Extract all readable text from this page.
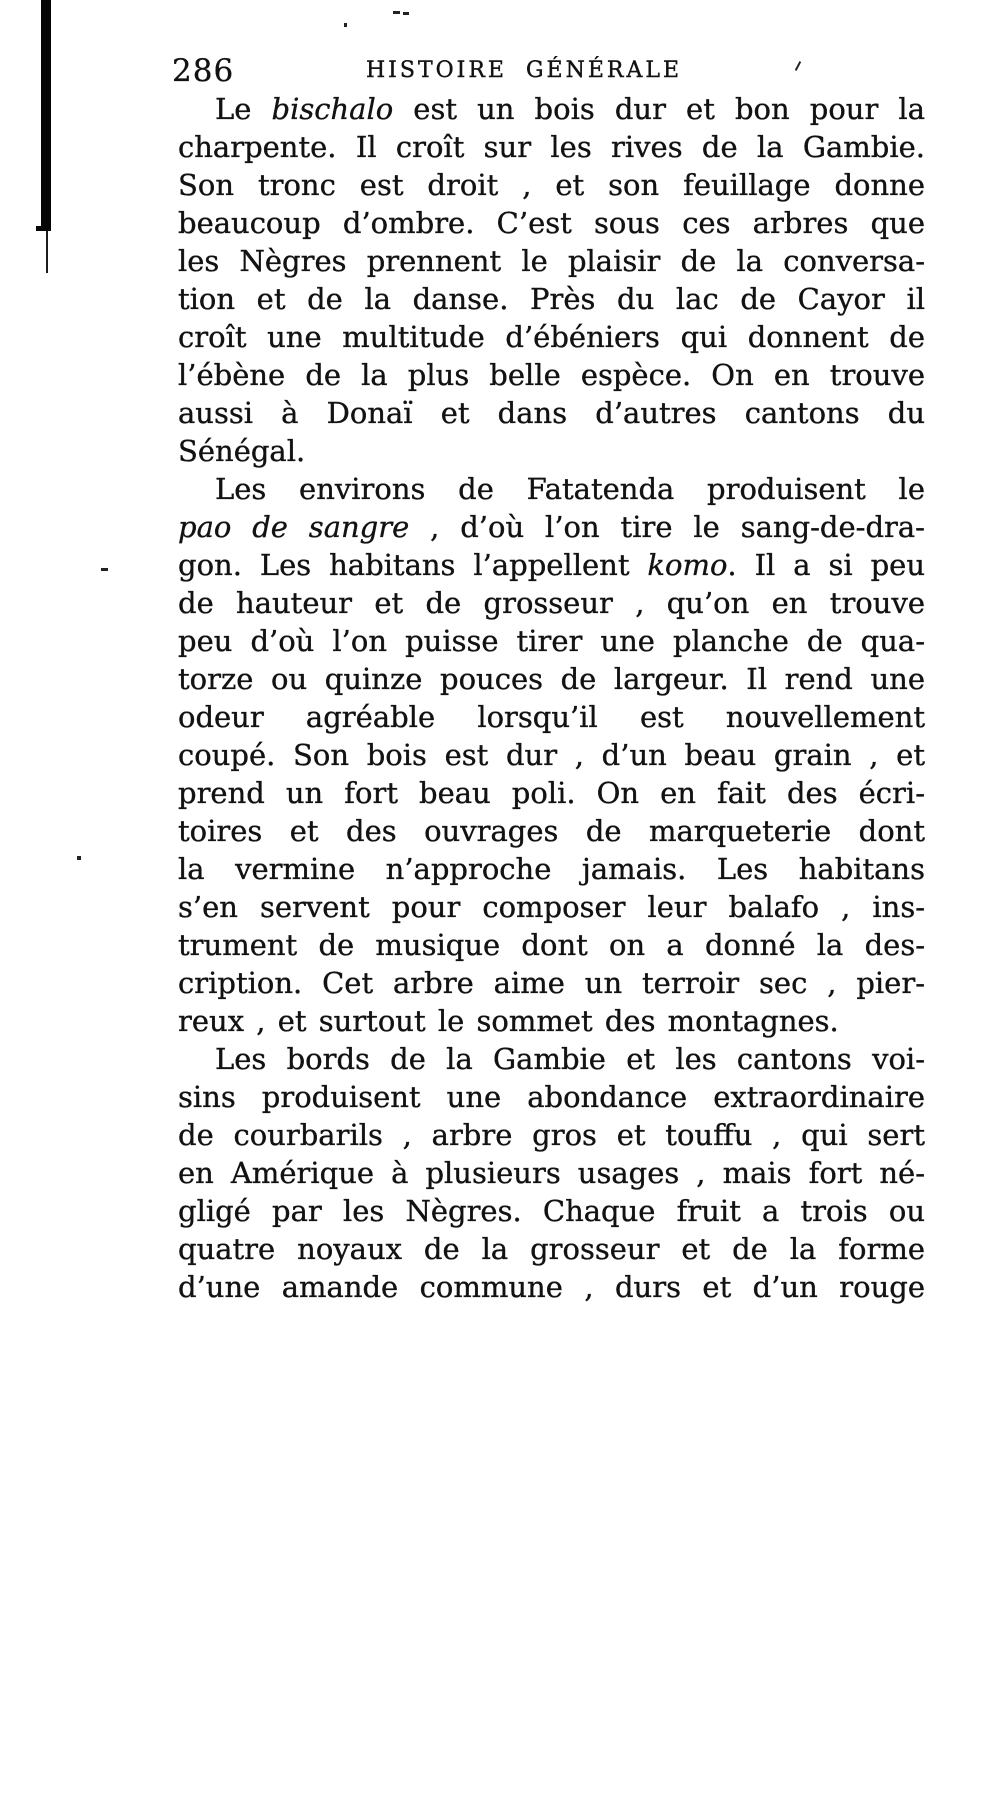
286	HISTOIRE GÉNÉRALE
Le bischalo est un bois dur et bon pour la
charpente. Il croît sur les rives de la Gambie.
Son tronc est droit , et son feuillage donne
beaucoup d’ombre. C’est sous ces arbres que
les Nègres prennent le plaisir de la conversa-
tion et de la danse. Près du lac de Cayor il
croît une multitude d’ébéniers qui donnent de
l’ébène de la plus belle espèce. On en trouve
aussi à Donaï et dans d’autres cantons du
Sénégal.
Les environs de Fatatenda produisent le
pao de sangre , d’où l’on tire le sang-de-dra-
gon. Les habitans l’appellent komo. Il a si peu
de hauteur et de grosseur , qu’on en trouve
peu d’où l’on puisse tirer une planche de qua-
torze ou quinze pouces de largeur. Il rend une
odeur agréable lorsqu’il est nouvellement
coupé. Son bois est dur , d’un beau grain , et
prend un fort beau poli. On en fait des écri-
toires et des ouvrages de marqueterie dont
la vermine n’approche jamais. Les habitans
s’en servent pour composer leur balafo , ins-
trument de musique dont on a donné la des-
cription. Cet arbre aime un terroir sec , pier-
reux , et surtout le sommet des montagnes.
Les bords de la Gambie et les cantons voi-
sins produisent une abondance extraordinaire
de courbarils , arbre gros et touffu , qui sert
en Amérique à plusieurs usages , mais fort né-
gligé par les Nègres. Chaque fruit a trois ou
quatre noyaux de la grosseur et de la forme
d’une amande commune , durs et d’un rouge
